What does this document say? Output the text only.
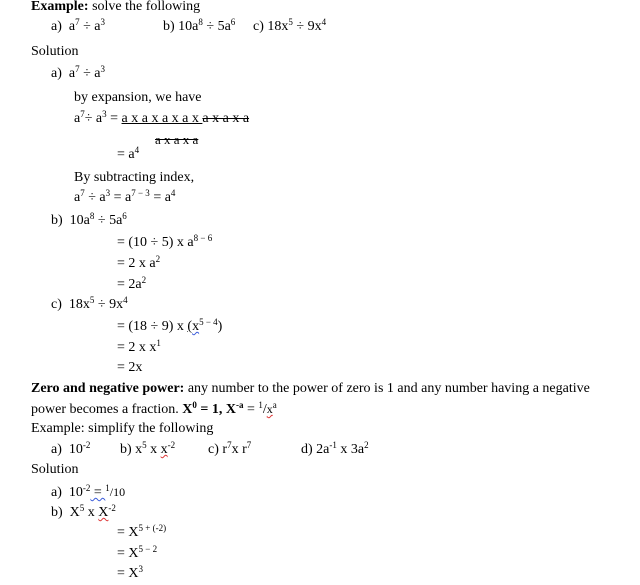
Example: solve the following
a) $a^7 \div a^3$	b) $10a^8 \div 5a^6$ c) $18x^5 \div 9x^4$
Solution
a) $a^7 \div a^3$
by expansion, we have
$a^7\div a^3 = a$ x a x a x a x a x a x a
a x a x a
= $a^4$
By subtracting index,
$a^7 \div a^3 = a^{7 - 3} = a^4$
b) $10a^8 \div 5a^6$
= (10 ÷ 5) x $a^{8 - 6}$
= 2 x $a^2$
= $2a^2$
c) $18x^5 \div 9x^4$
= (18 ÷ 9) x $(x^{5 - 4})$
= 2 x $x^1$
= 2x
Zero and negative power: any number to the power of zero is 1 and any number having a negative
power becomes a fraction. $X^0 = 1$, $X^{-a} = ^1/x^a$
Example: simplify the following
a) $10^{-2}$ b) $x^5$ x $x^{-2}$ c) $r^7x$ $r^7$	d) $2a^{-1}$ x $3a^2$
Solution
a) $10^{-2} = ^1/10$
b) $X^5$ x $X^{-2}$
= $X^{5 + (-2)}$
= $X^{5 - 2}$
= $X^3$
